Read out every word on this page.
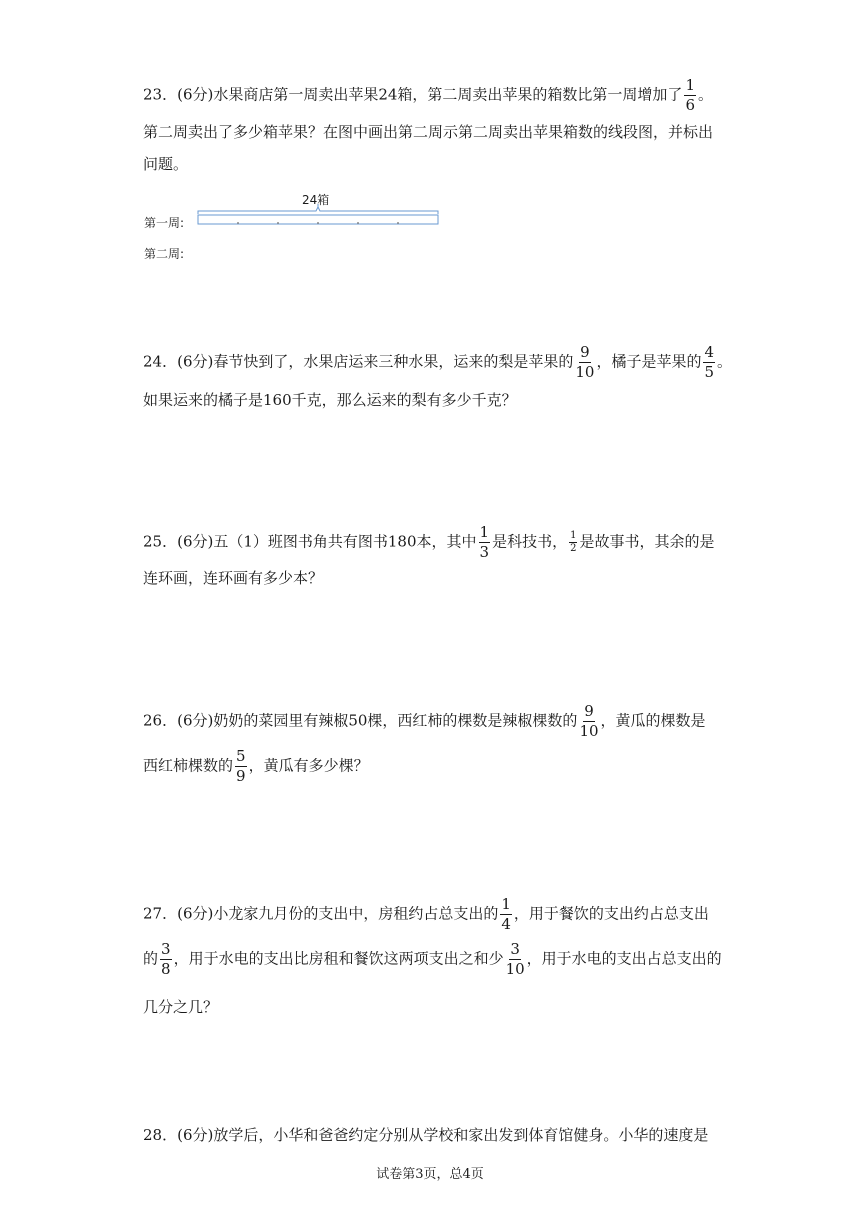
23．(6分)水果商店第一周卖出苹果24箱，第二周卖出苹果的箱数比第一周增加了 $\frac{1}{6}$ 。
第二周卖出了多少箱苹果？在图中画出第二周示第二周卖出苹果箱数的线段图，并标出
问题。
24箱
第一周:
第二周:
24．(6分)春节快到了，水果店运来三种水果，运来的梨是苹果的 $\frac{9}{10}$ ，橘子是苹果的 $\frac{4}{5}$ 。
如果运来的橘子是160千克，那么运来的梨有多少千克？
25．(6分)五（1）班图书角共有图书180本，其中 $\frac{1}{3}$ 是科技书， $\frac{1}{2}$ 是故事书，其余的是
连环画，连环画有多少本？
26．(6分)奶奶的菜园里有辣椒50棵，西红柿的棵数是辣椒棵数的 $\frac{9}{10}$ ，黄瓜的棵数是
西红柿棵数的 $\frac{5}{9}$ ，黄瓜有多少棵？
27．(6分)小龙家九月份的支出中，房租约占总支出的 $\frac{1}{4}$ ，用于餐饮的支出约占总支出
的 $\frac{3}{8}$ ，用于水电的支出比房租和餐饮这两项支出之和少 $\frac{3}{10}$ ，用于水电的支出占总支出的
几分之几？
28．(6分)放学后，小华和爸爸约定分别从学校和家出发到体育馆健身。小华的速度是
试卷第3页，总4页
